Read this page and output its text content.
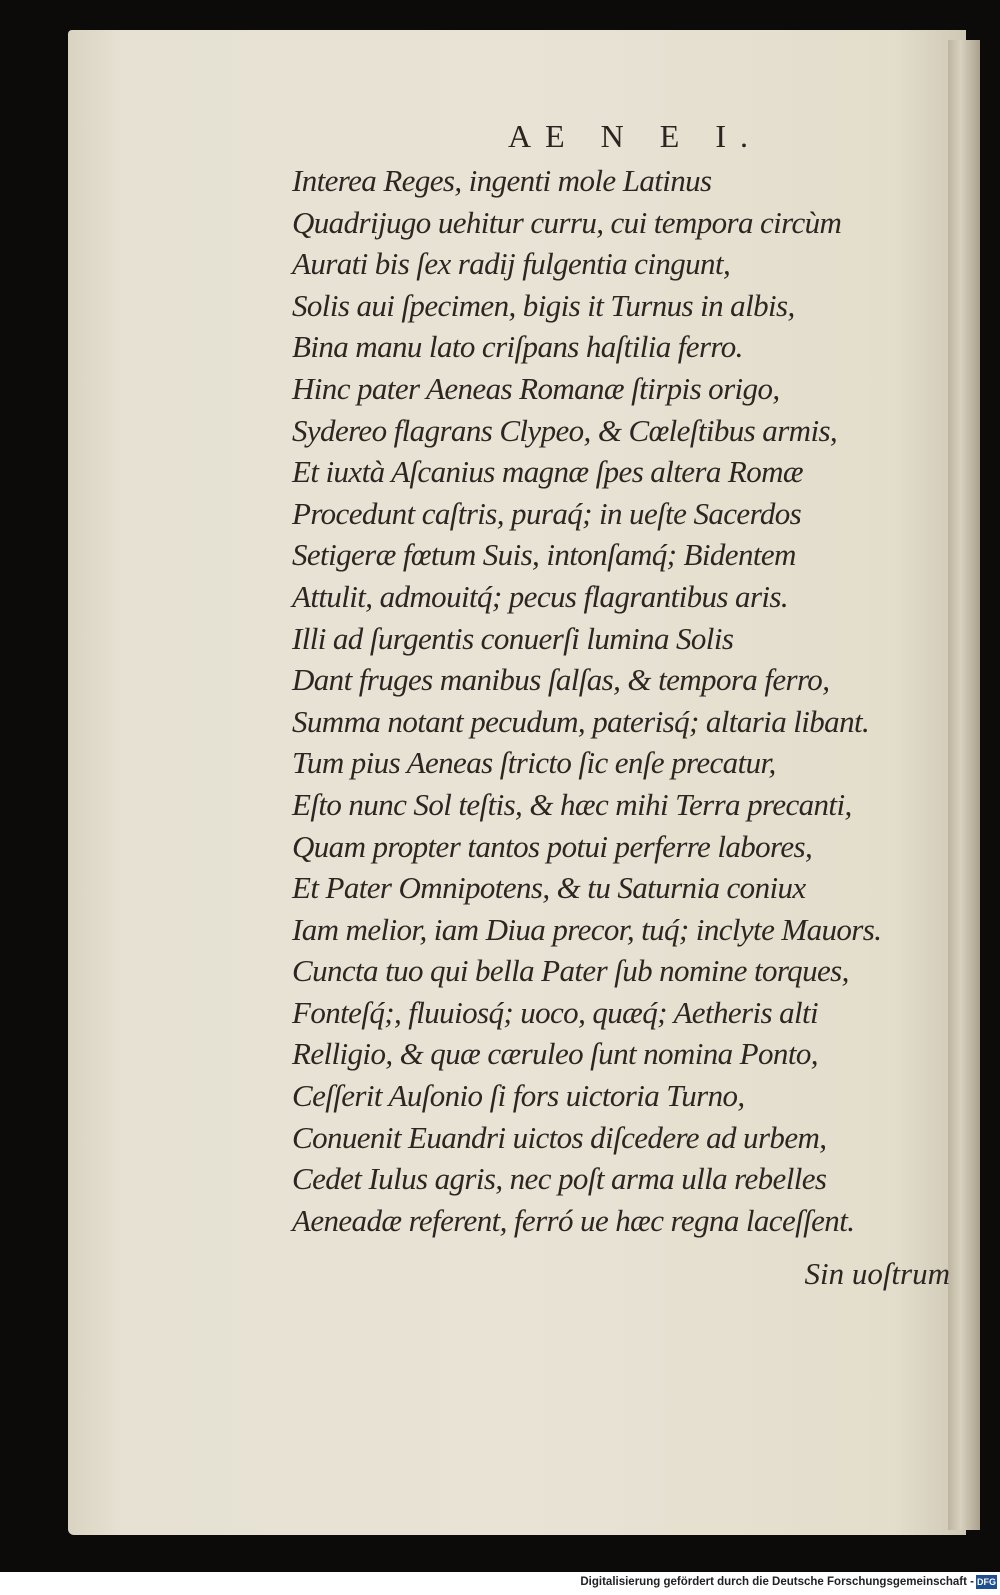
AE N E I.
Interea Reges, ingenti mole Latinus
Quadrijugo uehitur curru, cui tempora circùm
Aurati bis ſex radij fulgentia cingunt,
Solis aui ſpecimen, bigis it Turnus in albis,
Bina manu lato criſpans haſtilia ferro.
Hinc pater Aeneas Romanæ ſtirpis origo,
Sydereo flagrans Clypeo, & Cœleſtibus armis,
Et iuxtà Aſcanius magnæ ſpes altera Romæ
Procedunt caſtris, puraq́; in ueſte Sacerdos
Setigeræ fœtum Suis, intonſamq́; Bidentem
Attulit, admouitq́; pecus flagrantibus aris.
Illi ad ſurgentis conuerſi lumina Solis
Dant fruges manibus ſalſas, & tempora ferro,
Summa notant pecudum, paterisq́; altaria libant.
Tum pius Aeneas ſtricto ſic enſe precatur,
Eſto nunc Sol teſtis, & hæc mihi Terra precanti,
Quam propter tantos potui perferre labores,
Et Pater Omnipotens, & tu Saturnia coniux
Iam melior, iam Diua precor, tuq́; inclyte Mauors.
Cuncta tuo qui bella Pater ſub nomine torques,
Fonteſq́;, fluuiosq́; uoco, quæq́; Aetheris alti
Relligio, & quæ cæruleo ſunt nomina Ponto,
Ceſſerit Auſonio ſi fors uictoria Turno,
Conuenit Euandri uictos diſcedere ad urbem,
Cedet Iulus agris, nec poſt arma ulla rebelles
Aeneadæ referent, ferró ue hæc regna laceſſent.
Sin uoſtrum
Digitalisierung gefördert durch die Deutsche Forschungsgemeinschaft - DFG
